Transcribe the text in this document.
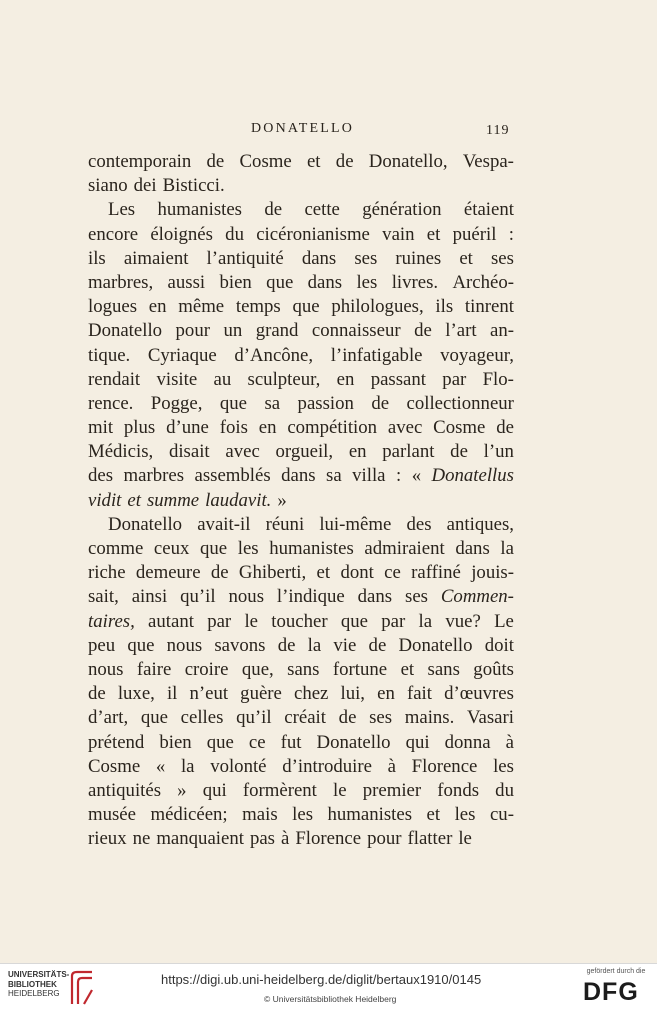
DONATELLO	119
contemporain de Cosme et de Donatello, Vespa-
siano dei Bisticci.
Les humanistes de cette génération étaient
encore éloignés du cicéronianisme vain et puéril :
ils aimaient l’antiquité dans ses ruines et ses
marbres, aussi bien que dans les livres. Archéo-
logues en même temps que philologues, ils tinrent
Donatello pour un grand connaisseur de l’art an-
tique. Cyriaque d’Ancône, l’infatigable voyageur,
rendait visite au sculpteur, en passant par Flo-
rence. Pogge, que sa passion de collectionneur
mit plus d’une fois en compétition avec Cosme de
Médicis, disait avec orgueil, en parlant de l’un
des marbres assemblés dans sa villa : « Donatellus
vidit et summe laudavit. »
Donatello avait-il réuni lui-même des antiques,
comme ceux que les humanistes admiraient dans la
riche demeure de Ghiberti, et dont ce raffiné jouis-
sait, ainsi qu’il nous l’indique dans ses Commen-
taires, autant par le toucher que par la vue? Le
peu que nous savons de la vie de Donatello doit
nous faire croire que, sans fortune et sans goûts
de luxe, il n’eut guère chez lui, en fait d’œuvres
d’art, que celles qu’il créait de ses mains. Vasari
prétend bien que ce fut Donatello qui donna à
Cosme « la volonté d’introduire à Florence les
antiquités » qui formèrent le premier fonds du
musée médicéen; mais les humanistes et les cu-
rieux ne manquaient pas à Florence pour flatter le
UNIVERSITÄTS-
BIBLIOTHEK
HEIDELBERG
https://digi.ub.uni-heidelberg.de/diglit/bertaux1910/0145
© Universitätsbibliothek Heidelberg
gefördert durch die
DFG
